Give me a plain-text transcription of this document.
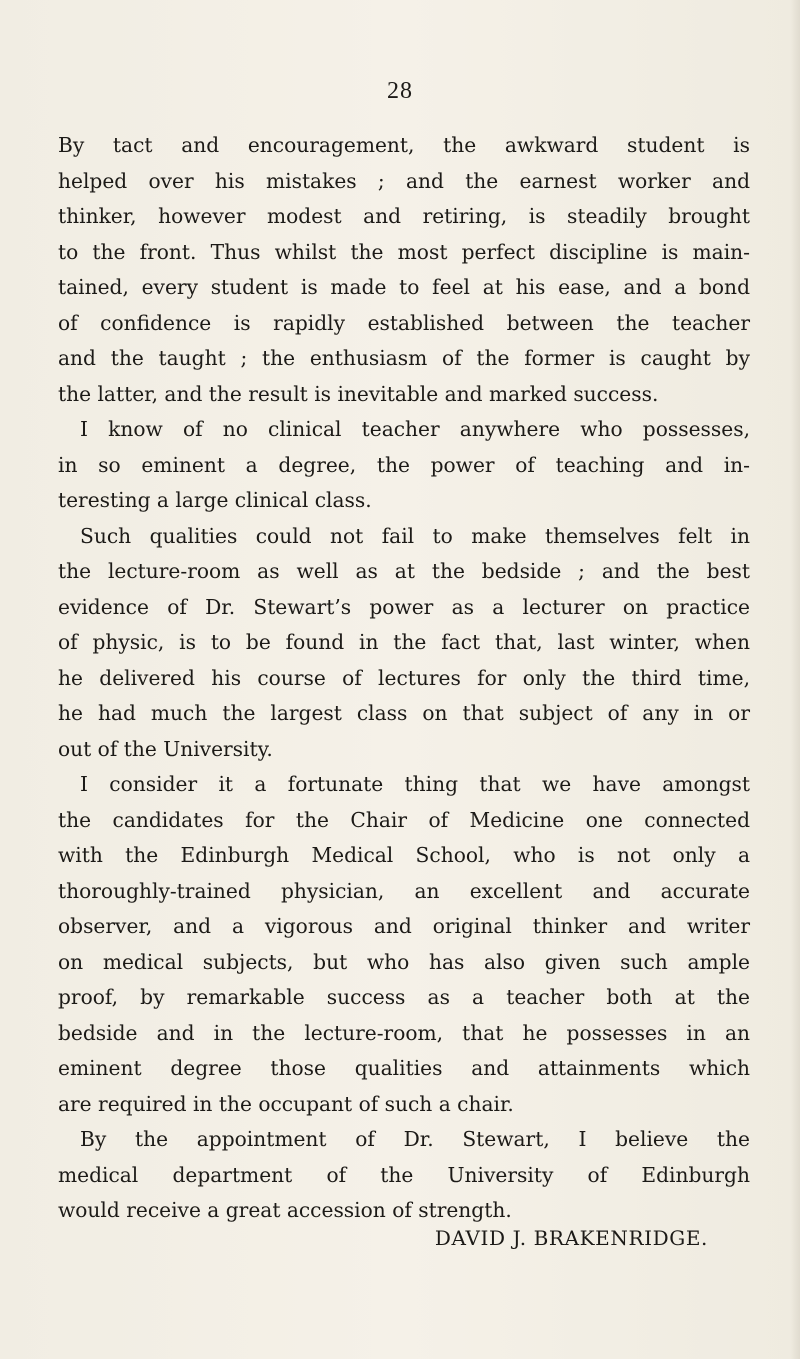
28
By tact and encouragement, the awkward student is
helped over his mistakes ; and the earnest worker and
thinker, however modest and retiring, is steadily brought
to the front. Thus whilst the most perfect discipline is main-
tained, every student is made to feel at his ease, and a bond
of confidence is rapidly established between the teacher
and the taught ; the enthusiasm of the former is caught by
the latter, and the result is inevitable and marked success.
I know of no clinical teacher anywhere who possesses,
in so eminent a degree, the power of teaching and in-
teresting a large clinical class.
Such qualities could not fail to make themselves felt in
the lecture-room as well as at the bedside ; and the best
evidence of Dr. Stewart’s power as a lecturer on practice
of physic, is to be found in the fact that, last winter, when
he delivered his course of lectures for only the third time,
he had much the largest class on that subject of any in or
out of the University.
I consider it a fortunate thing that we have amongst
the candidates for the Chair of Medicine one connected
with the Edinburgh Medical School, who is not only a
thoroughly-trained physician, an excellent and accurate
observer, and a vigorous and original thinker and writer
on medical subjects, but who has also given such ample
proof, by remarkable success as a teacher both at the
bedside and in the lecture-room, that he possesses in an
eminent degree those qualities and attainments which
are required in the occupant of such a chair.
By the appointment of Dr. Stewart, I believe the
medical department of the University of Edinburgh
would receive a great accession of strength.
DAVID J. BRAKENRIDGE.
